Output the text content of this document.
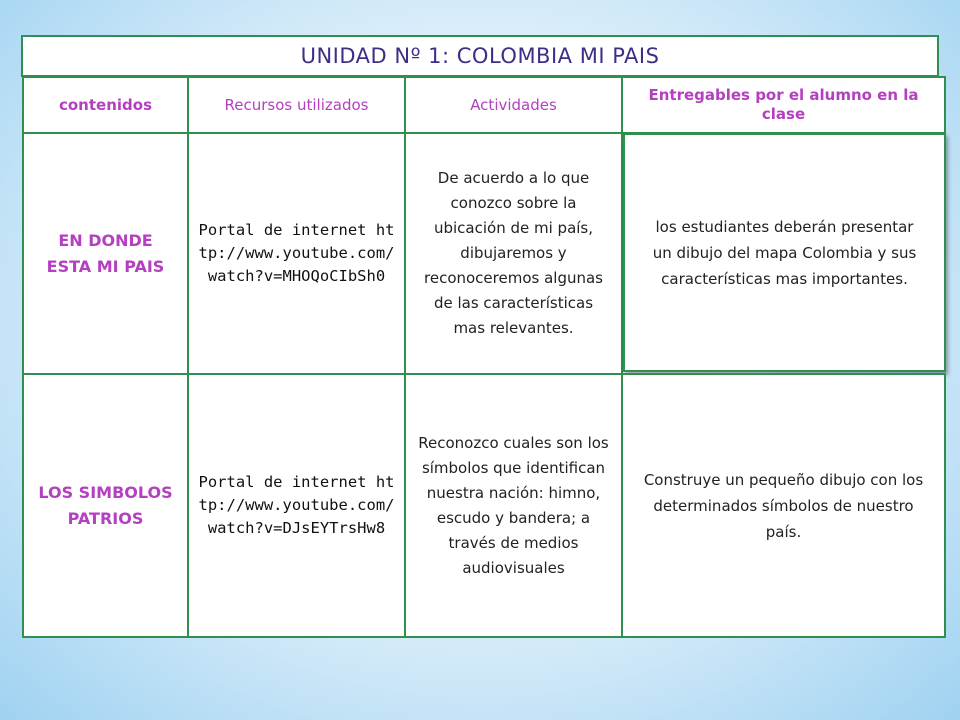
UNIDAD Nº 1: COLOMBIA MI PAIS
contenidos	Recursos utilizados	Actividades
Entregables por el alumno en la clase
EN DONDE ESTA MI PAIS
Portal de internet http://www.youtube.com/watch?v=MHOQoCIbSh0
De acuerdo a lo que conozco sobre la ubicación de mi país, dibujaremos y reconoceremos algunas de las características mas relevantes.
los estudiantes deberán presentar un dibujo del mapa Colombia y sus características mas importantes.
LOS SIMBOLOS PATRIOS
Portal de internet http://www.youtube.com/watch?v=DJsEYTrsHw8
Reconozco cuales son los símbolos que identifican nuestra nación: himno, escudo y bandera; a través de medios audiovisuales
Construye un pequeño dibujo con los determinados símbolos de nuestro país.
